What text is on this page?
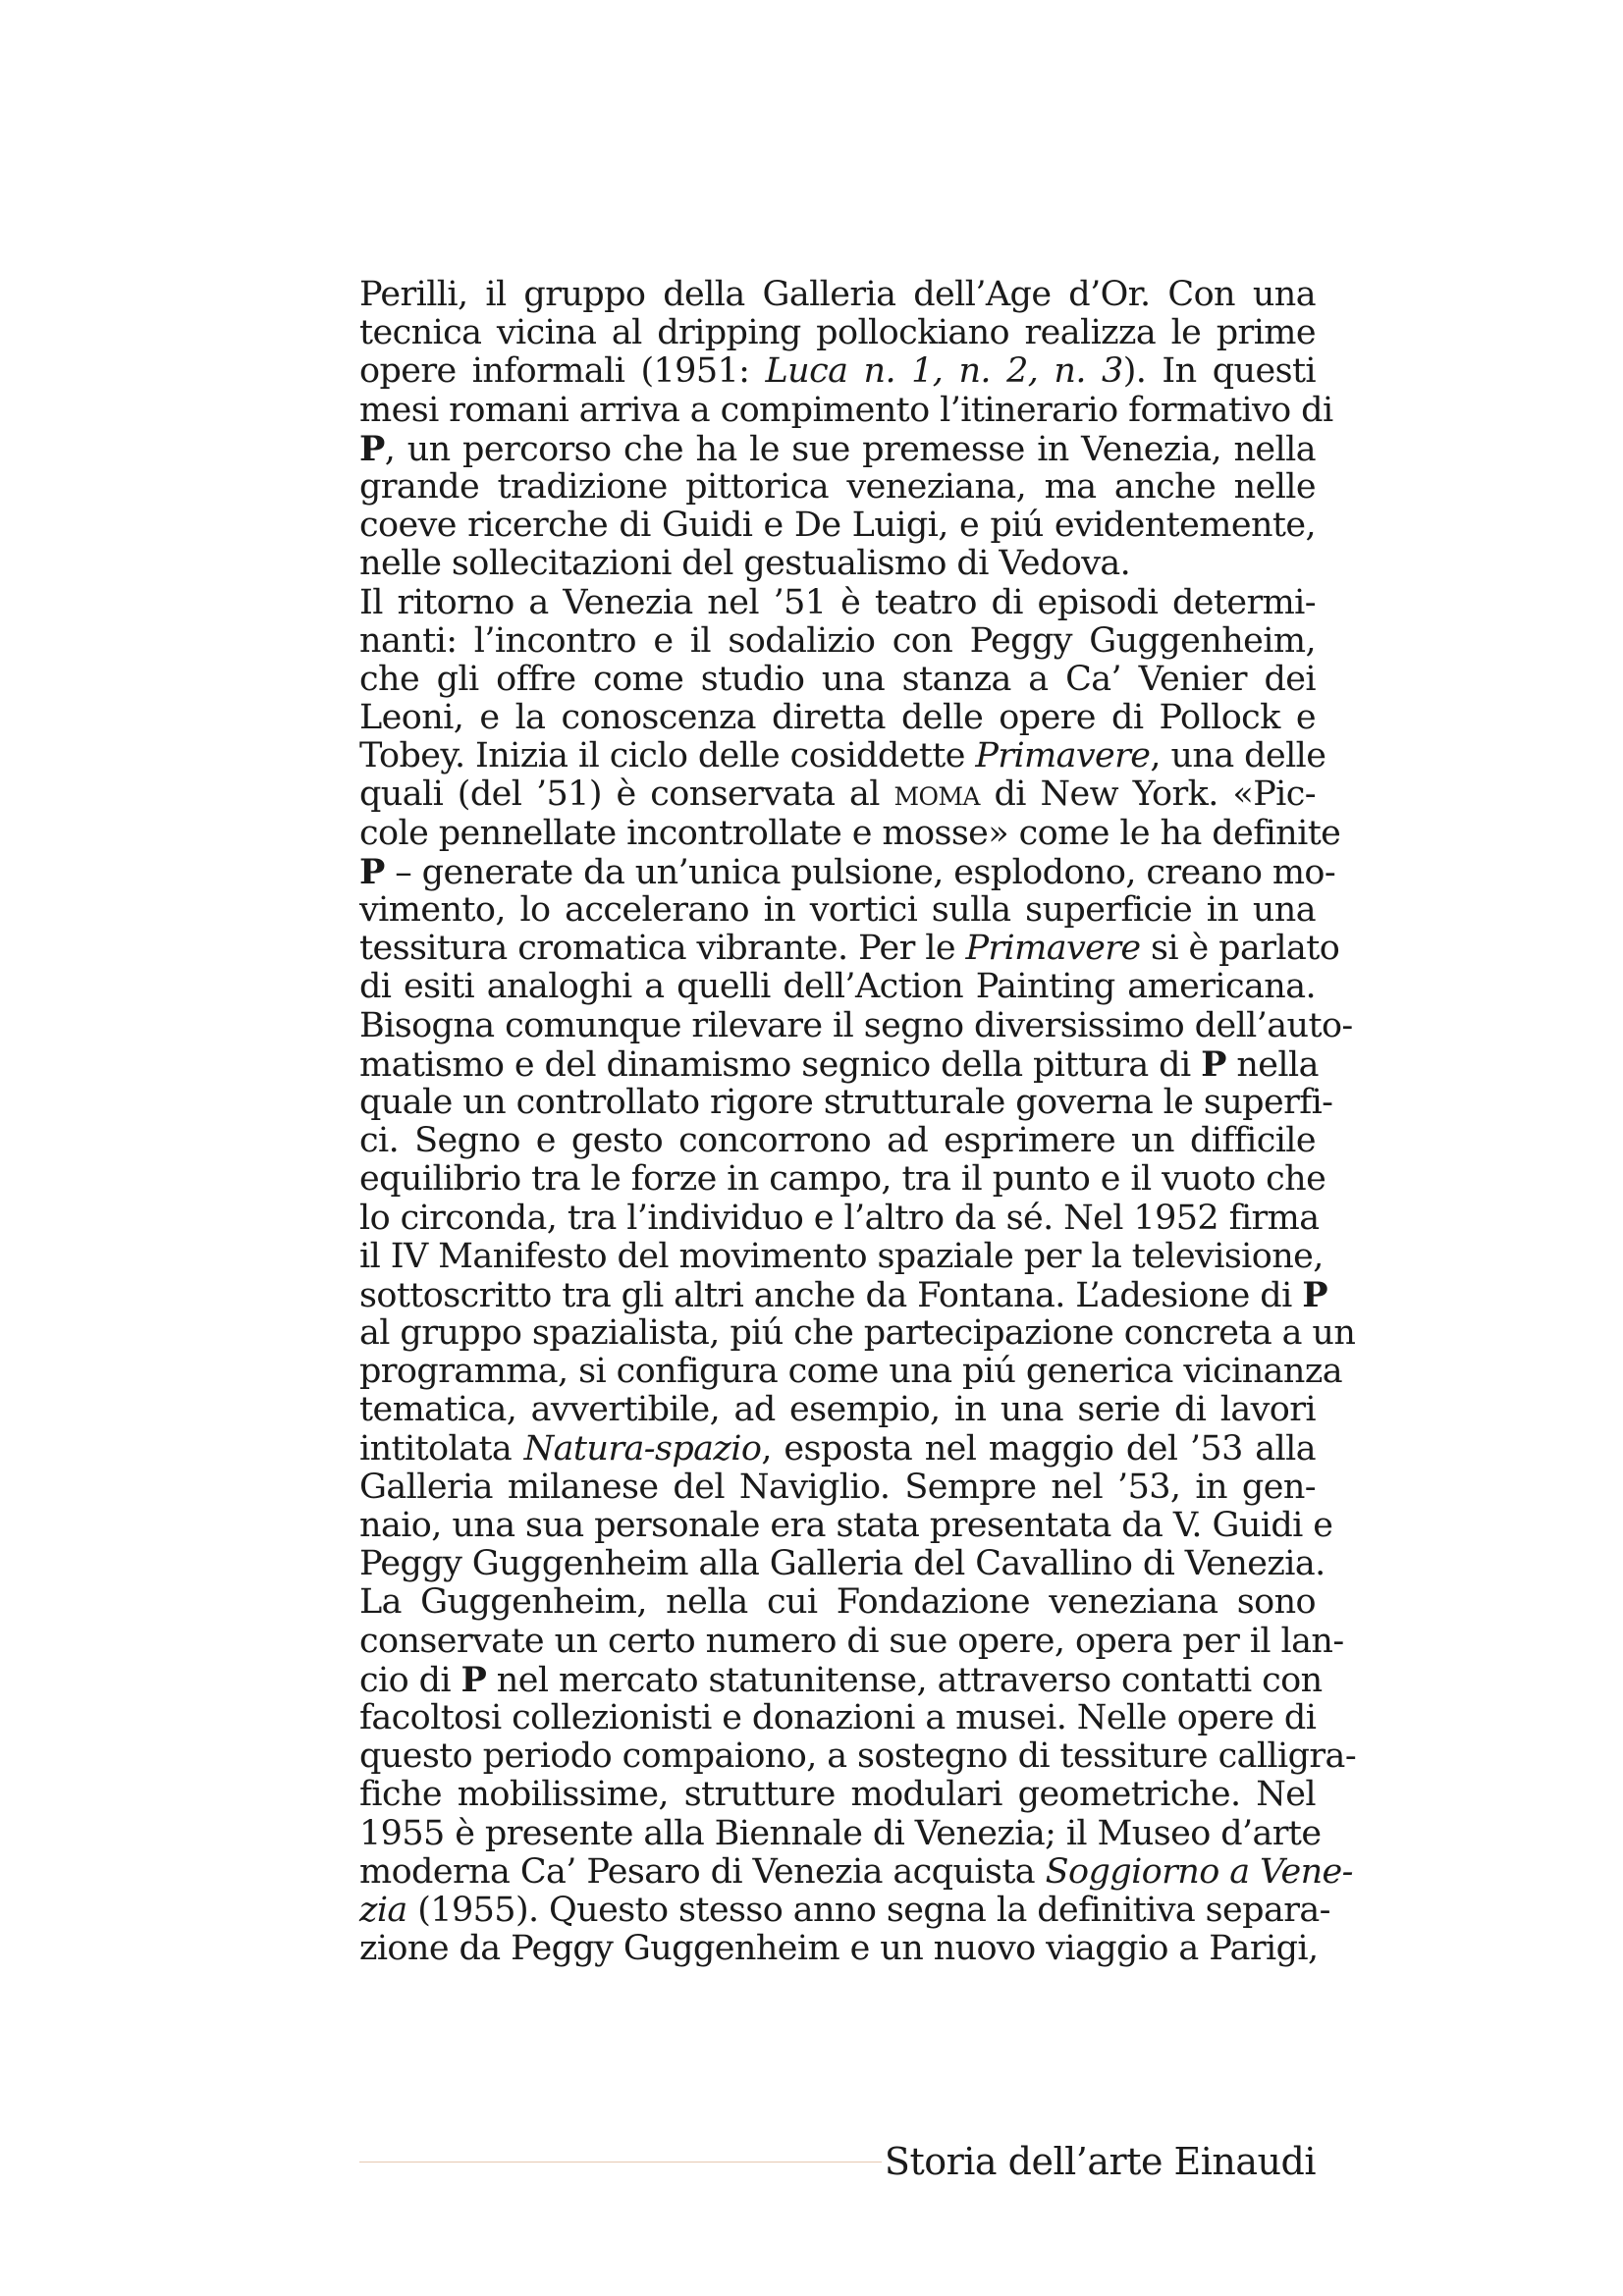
Perilli, il gruppo della Galleria dell’Age d’Or. Con una
tecnica vicina al dripping pollockiano realizza le prime
opere informali (1951: Luca n. 1, n. 2, n. 3). In questi
mesi romani arriva a compimento l’itinerario formativo di
P, un percorso che ha le sue premesse in Venezia, nella
grande tradizione pittorica veneziana, ma anche nelle
coeve ricerche di Guidi e De Luigi, e piú evidentemente,
nelle sollecitazioni del gestualismo di Vedova.
Il ritorno a Venezia nel ’51 è teatro di episodi determi-
nanti: l’incontro e il sodalizio con Peggy Guggenheim,
che gli offre come studio una stanza a Ca’ Venier dei
Leoni, e la conoscenza diretta delle opere di Pollock e
Tobey. Inizia il ciclo delle cosiddette Primavere, una delle
quali (del ’51) è conservata al moma di New York. «Pic-
cole pennellate incontrollate e mosse» come le ha definite
P – generate da un’unica pulsione, esplodono, creano mo-
vimento, lo accelerano in vortici sulla superficie in una
tessitura cromatica vibrante. Per le Primavere si è parlato
di esiti analoghi a quelli dell’Action Painting americana.
Bisogna comunque rilevare il segno diversissimo dell’auto-
matismo e del dinamismo segnico della pittura di P nella
quale un controllato rigore strutturale governa le superfi-
ci. Segno e gesto concorrono ad esprimere un difficile
equilibrio tra le forze in campo, tra il punto e il vuoto che
lo circonda, tra l’individuo e l’altro da sé. Nel 1952 firma
il IV Manifesto del movimento spaziale per la televisione,
sottoscritto tra gli altri anche da Fontana. L’adesione di P
al gruppo spazialista, piú che partecipazione concreta a un
programma, si configura come una piú generica vicinanza
tematica, avvertibile, ad esempio, in una serie di lavori
intitolata Natura-spazio, esposta nel maggio del ’53 alla
Galleria milanese del Naviglio. Sempre nel ’53, in gen-
naio, una sua personale era stata presentata da V. Guidi e
Peggy Guggenheim alla Galleria del Cavallino di Venezia.
La Guggenheim, nella cui Fondazione veneziana sono
conservate un certo numero di sue opere, opera per il lan-
cio di P nel mercato statunitense, attraverso contatti con
facoltosi collezionisti e donazioni a musei. Nelle opere di
questo periodo compaiono, a sostegno di tessiture calligra-
fiche mobilissime, strutture modulari geometriche. Nel
1955 è presente alla Biennale di Venezia; il Museo d’arte
moderna Ca’ Pesaro di Venezia acquista Soggiorno a Vene-
zia (1955). Questo stesso anno segna la definitiva separa-
zione da Peggy Guggenheim e un nuovo viaggio a Parigi,
Storia dell’arte Einaudi
